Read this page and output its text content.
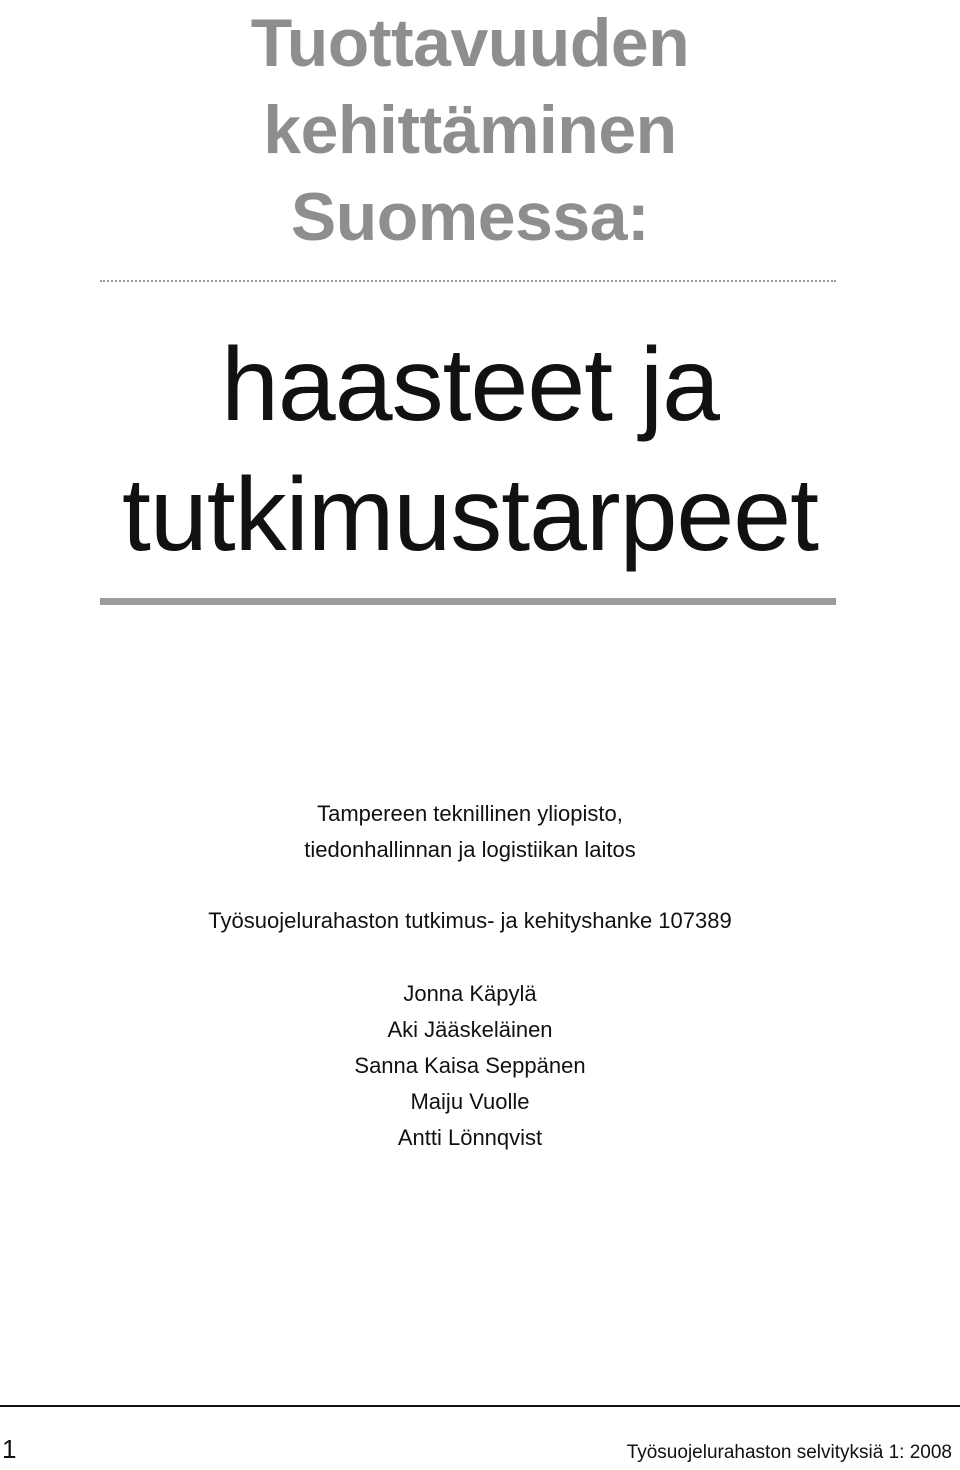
Tuottavuuden
kehittäminen
Suomessa:
haasteet ja
tutkimustarpeet
Tampereen teknillinen yliopisto,
tiedonhallinnan ja logistiikan laitos
Työsuojelurahaston tutkimus- ja kehityshanke 107389
Jonna Käpylä
Aki Jääskeläinen
Sanna Kaisa Seppänen
Maiju Vuolle
Antti Lönnqvist
1	Työsuojelurahaston selvityksiä 1: 2008
